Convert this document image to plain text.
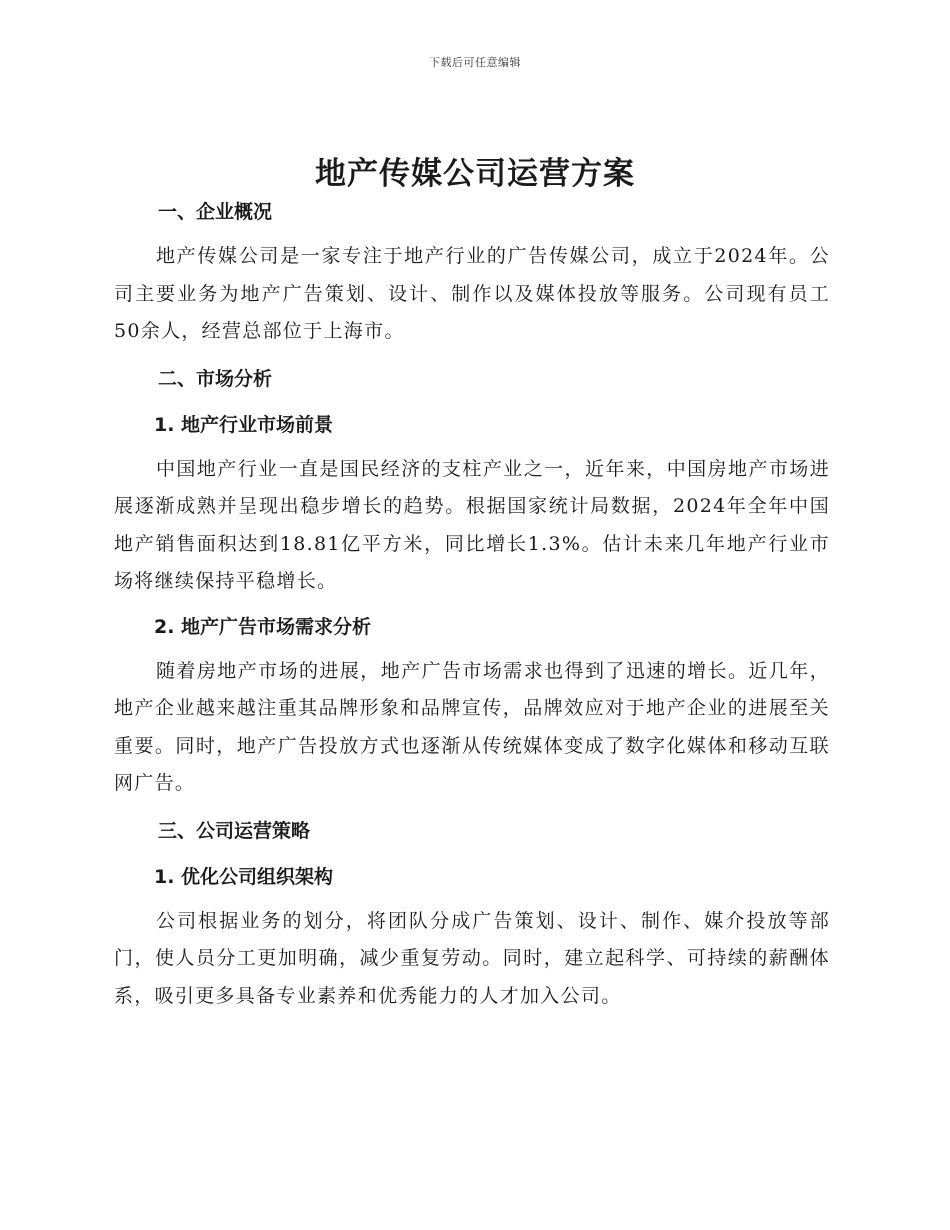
下载后可任意编辑
地产传媒公司运营方案
一、企业概况

地产传媒公司是一家专注于地产行业的广告传媒公司，成立于2024年。公司主要业务为地产广告策划、设计、制作以及媒体投放等服务。公司现有员工50余人，经营总部位于上海市。

二、市场分析
1. 地产行业市场前景

中国地产行业一直是国民经济的支柱产业之一，近年来，中国房地产市场进展逐渐成熟并呈现出稳步增长的趋势。根据国家统计局数据，2024年全年中国地产销售面积达到18.81亿平方米，同比增长1.3%。估计未来几年地产行业市场将继续保持平稳增长。

2. 地产广告市场需求分析

随着房地产市场的进展，地产广告市场需求也得到了迅速的增长。近几年，地产企业越来越注重其品牌形象和品牌宣传，品牌效应对于地产企业的进展至关重要。同时，地产广告投放方式也逐渐从传统媒体变成了数字化媒体和移动互联网广告。

三、公司运营策略
1. 优化公司组织架构

公司根据业务的划分，将团队分成广告策划、设计、制作、媒介投放等部门，使人员分工更加明确，减少重复劳动。同时，建立起科学、可持续的薪酬体系，吸引更多具备专业素养和优秀能力的人才加入公司。
